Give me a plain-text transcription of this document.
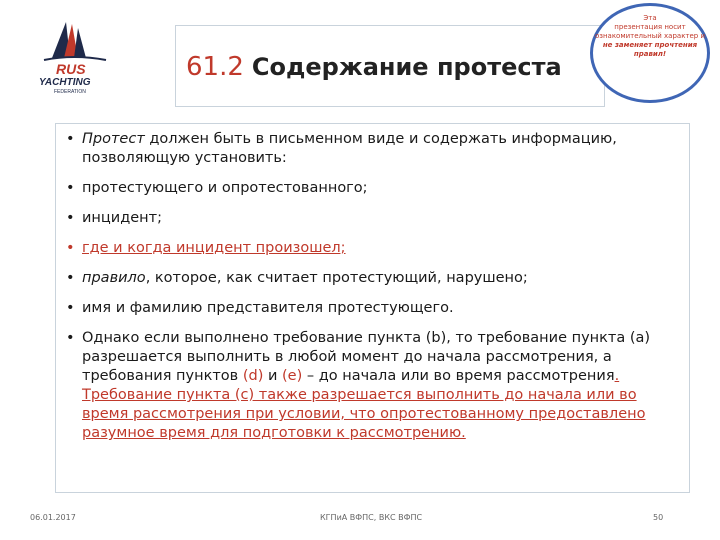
RUS
YACHTING
FEDERATION
61.2 Содержание протеста
Эта
презентация носит ознакомительный характер и
не заменяет прочтения правил!
• Протест должен быть в письменном виде и содержать информацию, позволяющую установить:
• протестующего и опротестованного;
• инцидент;
• где и когда инцидент произошел;
• правило, которое, как считает протестующий, нарушено;
• имя и фамилию представителя протестующего.
• Однако если выполнено требование пункта (b), то требование пункта (a) разрешается выполнить в любой момент до начала рассмотрения, а требования пунктов (d) и (e) – до начала или во время рассмотрения. Требование пункта (с) также разрешается выполнить до начала или во время рассмотрения при условии, что опротестованному предоставлено разумное время для подготовки к рассмотрению.
06.01.2017	КГПиА ВФПС, ВКС ВФПС	50
